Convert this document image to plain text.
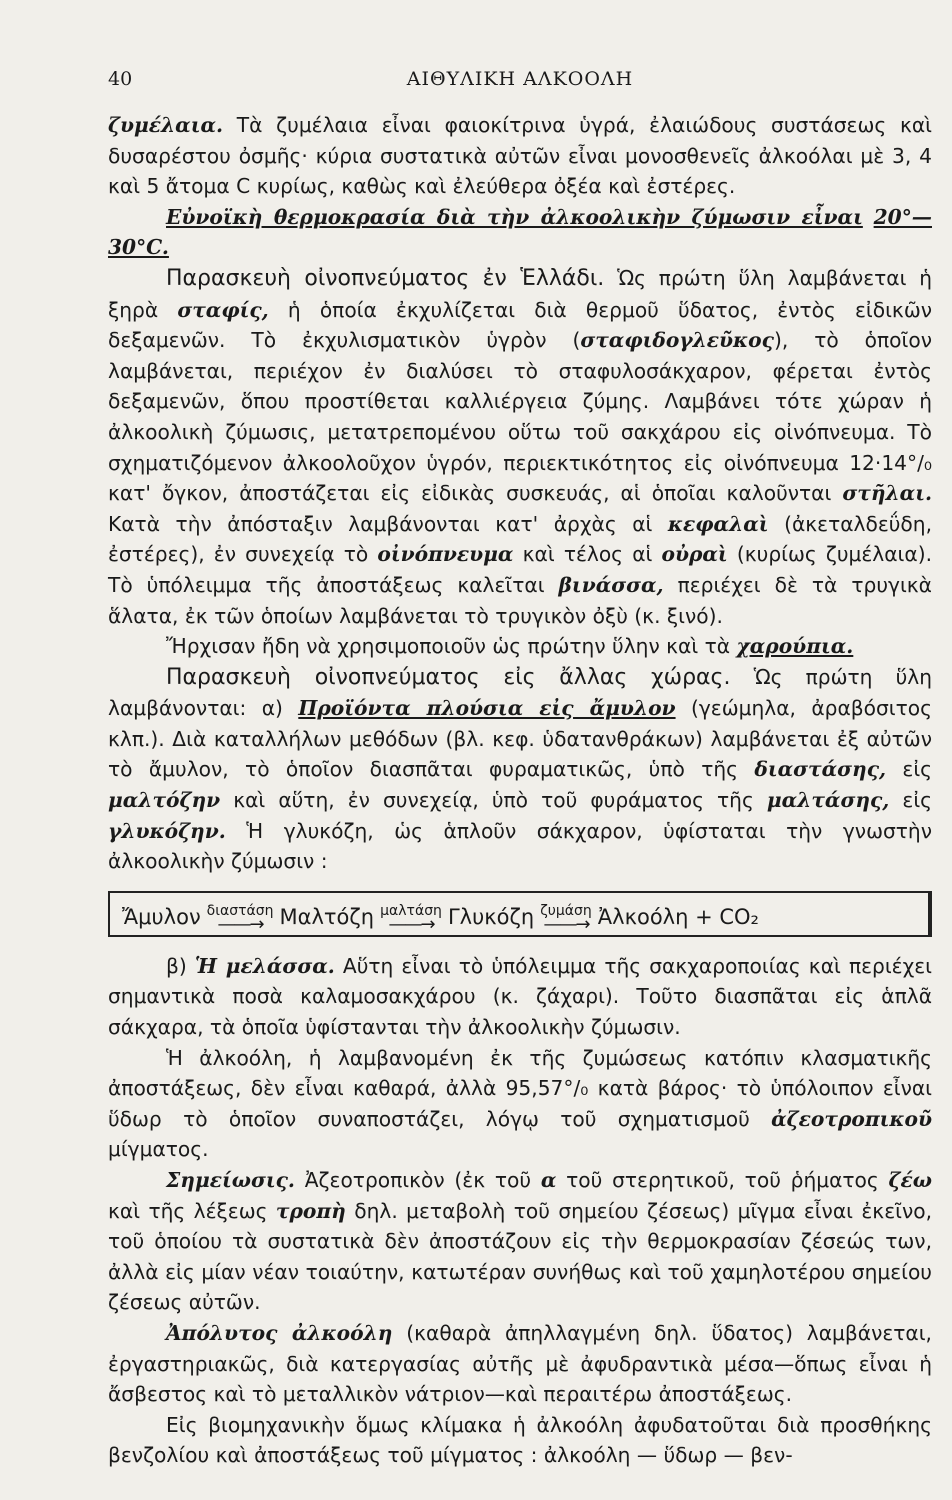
40	ΑΙΘΥΛΙΚΗ ΑΛΚΟΟΛΗ

ζυμέλαια. Τὰ ζυμέλαια εἶναι φαιοκίτρινα ὑγρά, ἐλαιώδους συστάσεως καὶ δυσαρέστου ὀσμῆς· κύρια συστατικὰ αὐτῶν εἶναι μονοσθενεῖς ἀλκοόλαι μὲ 3, 4 καὶ 5 ἄτομα C κυρίως, καθὼς καὶ ἐλεύθερα ὀξέα καὶ ἐστέρες.

Εὐνοϊκὴ θερμοκρασία διὰ τὴν ἀλκοολικὴν ζύμωσιν εἶναι 20°—30°C.

Παρασκευὴ οἰνοπνεύματος ἐν Ἑλλάδι. Ὡς πρώτη ὕλη λαμβάνεται ἡ ξηρὰ σταφίς, ἡ ὁποία ἐκχυλίζεται διὰ θερμοῦ ὕδατος, ἐντὸς εἰδικῶν δεξαμενῶν. Τὸ ἐκχυλισματικὸν ὑγρὸν (σταφιδογλεῦκος), τὸ ὁποῖον λαμβάνεται, περιέχον ἐν διαλύσει τὸ σταφυλοσάκχαρον, φέρεται ἐντὸς δεξαμενῶν, ὅπου προστίθεται καλλιέργεια ζύμης. Λαμβάνει τότε χώραν ἡ ἀλκοολικὴ ζύμωσις, μετατρεπομένου οὕτω τοῦ σακχάρου εἰς οἰνόπνευμα. Τὸ σχηματιζόμενον ἀλκοολοῦχον ὑγρόν, περιεκτικότητος εἰς οἰνόπνευμα 12·14°/₀ κατ' ὄγκον, ἀποστάζεται εἰς εἰδικὰς συσκευάς, αἱ ὁποῖαι καλοῦνται στῆλαι. Κατὰ τὴν ἀπόσταξιν λαμβάνονται κατ' ἀρχὰς αἱ κεφαλαὶ (ἀκεταλδεΰδη, ἐστέρες), ἐν συνεχείᾳ τὸ οἰνόπνευμα καὶ τέλος αἱ οὐραὶ (κυρίως ζυμέλαια). Τὸ ὑπόλειμμα τῆς ἀποστάξεως καλεῖται βινάσσα, περιέχει δὲ τὰ τρυγικὰ ἅλατα, ἐκ τῶν ὁποίων λαμβάνεται τὸ τρυγικὸν ὀξὺ (κ. ξινό).

Ἤρχισαν ἤδη νὰ χρησιμοποιοῦν ὡς πρώτην ὕλην καὶ τὰ χαρούπια.

Παρασκευὴ οἰνοπνεύματος εἰς ἄλλας χώρας. Ὡς πρώτη ὕλη λαμβάνονται: α) Προϊόντα πλούσια εἰς ἄμυλον (γεώμηλα, ἀραβόσιτος κλπ.). Διὰ καταλλήλων μεθόδων (βλ. κεφ. ὑδατανθράκων) λαμβάνεται ἐξ αὐτῶν τὸ ἄμυλον, τὸ ὁποῖον διασπᾶται φυραματικῶς, ὑπὸ τῆς διαστάσης, εἰς μαλτόζην καὶ αὕτη, ἐν συνεχείᾳ, ὑπὸ τοῦ φυράματος τῆς μαλτάσης, εἰς γλυκόζην. Ἡ γλυκόζη, ὡς ἁπλοῦν σάκχαρον, ὑφίσταται τὴν γνωστὴν ἀλκοολικὴν ζύμωσιν :

Ἄμυλον διαστάση
——→ Μαλτόζη μαλτάση
——→ Γλυκόζη ζυμάση
——→ Ἀλκοόλη + CO₂

β) Ἡ μελάσσα. Αὕτη εἶναι τὸ ὑπόλειμμα τῆς σακχαροποιίας καὶ περιέχει σημαντικὰ ποσὰ καλαμοσακχάρου (κ. ζάχαρι). Τοῦτο διασπᾶται εἰς ἁπλᾶ σάκχαρα, τὰ ὁποῖα ὑφίστανται τὴν ἀλκοολικὴν ζύμωσιν.

Ἡ ἀλκοόλη, ἡ λαμβανομένη ἐκ τῆς ζυμώσεως κατόπιν κλασματικῆς ἀποστάξεως, δὲν εἶναι καθαρά, ἀλλὰ 95,57°/₀ κατὰ βάρος· τὸ ὑπόλοιπον εἶναι ὕδωρ τὸ ὁποῖον συναποστάζει, λόγῳ τοῦ σχηματισμοῦ ἀζεοτροπικοῦ μίγματος.

Σημείωσις. Ἀζεοτροπικὸν (ἐκ τοῦ α τοῦ στερητικοῦ, τοῦ ῥήματος ζέω καὶ τῆς λέξεως τροπὴ δηλ. μεταβολὴ τοῦ σημείου ζέσεως) μῖγμα εἶναι ἐκεῖνο, τοῦ ὁποίου τὰ συστατικὰ δὲν ἀποστάζουν εἰς τὴν θερμοκρασίαν ζέσεώς των, ἀλλὰ εἰς μίαν νέαν τοιαύτην, κατωτέραν συνήθως καὶ τοῦ χαμηλοτέρου σημείου ζέσεως αὐτῶν.

Ἀπόλυτος ἀλκοόλη (καθαρὰ ἀπηλλαγμένη δηλ. ὕδατος) λαμβάνεται, ἐργαστηριακῶς, διὰ κατεργασίας αὐτῆς μὲ ἀφυδραντικὰ μέσα—ὅπως εἶναι ἡ ἄσβεστος καὶ τὸ μεταλλικὸν νάτριον—καὶ περαιτέρω ἀποστάξεως.

Εἰς βιομηχανικὴν ὅμως κλίμακα ἡ ἀλκοόλη ἀφυδατοῦται διὰ προσθήκης βενζολίου καὶ ἀποστάξεως τοῦ μίγματος : ἀλκοόλη — ὕδωρ — βεν-
